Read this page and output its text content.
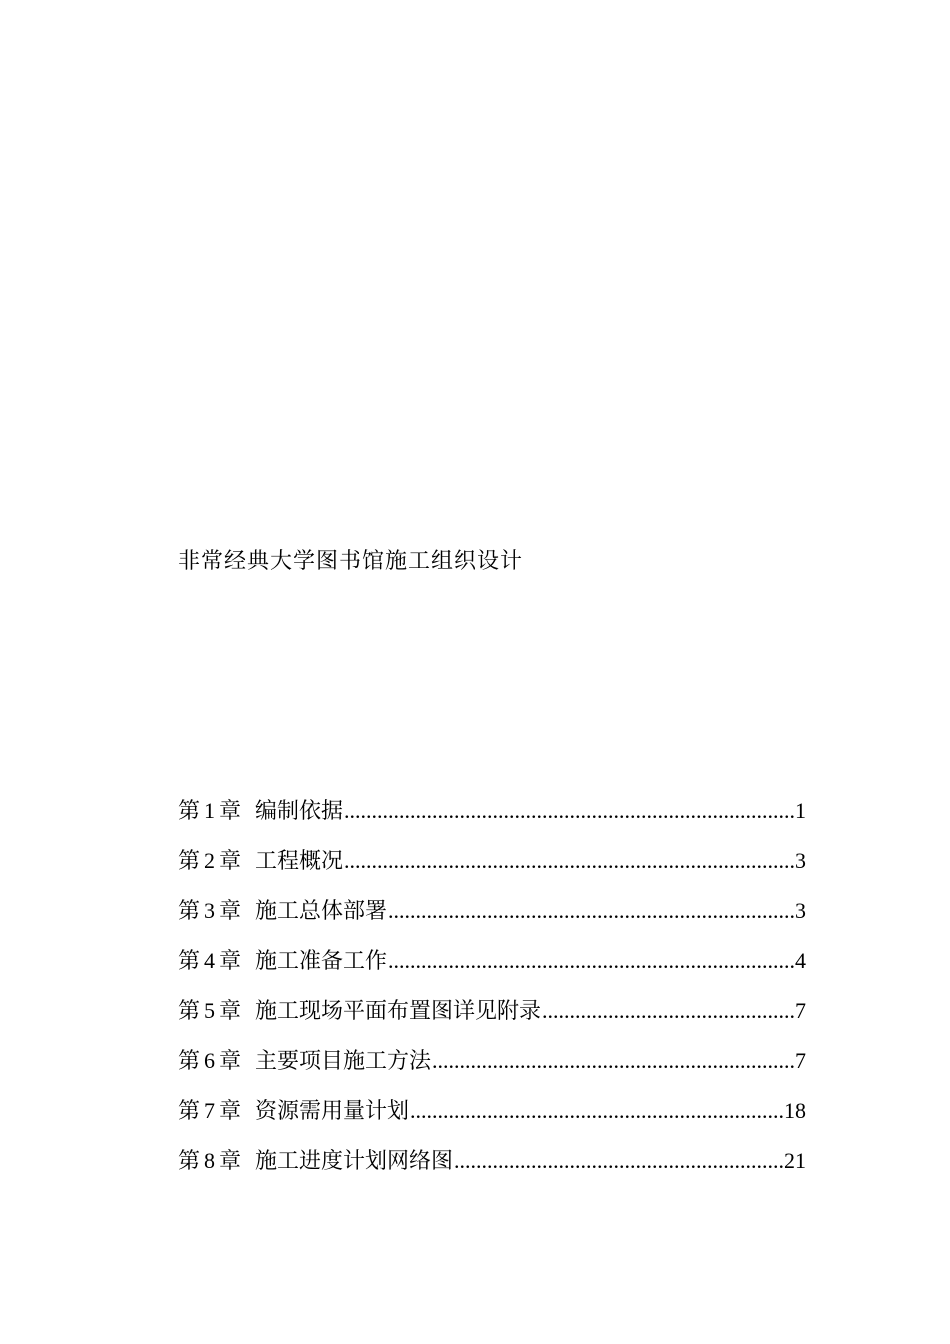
非常经典大学图书馆施工组织设计
第 1 章 编制依据 .....	1
第 2 章 工程概况 .....	3
第 3 章 施工总体部署 .....	3
第 4 章 施工准备工作 .....	4
第 5 章 施工现场平面布置图详见附录 .....	7
第 6 章 主要项目施工方法 .....	7
第 7 章 资源需用量计划 .....	18
第 8 章 施工进度计划网络图 .....	21
